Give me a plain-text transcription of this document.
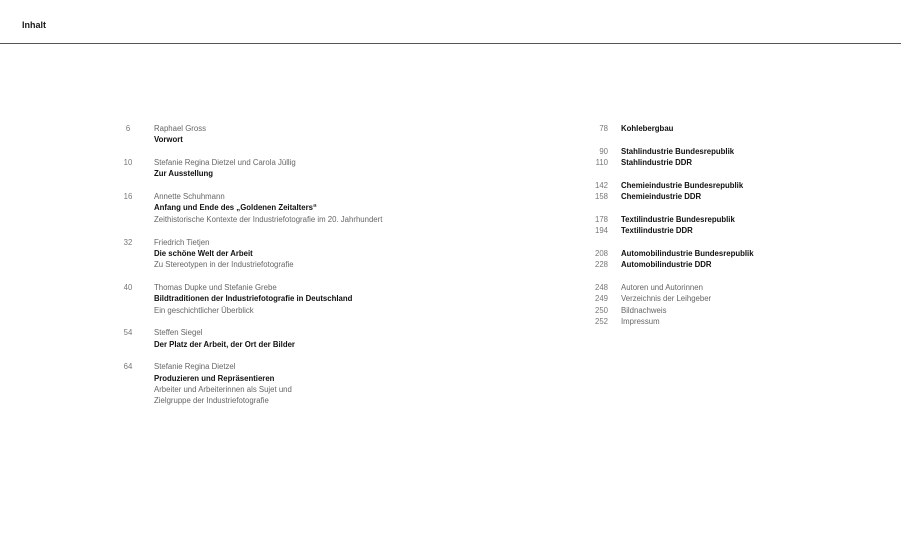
Inhalt
6	Raphael Gross
Vorwort
10	Stefanie Regina Dietzel und Carola Jüllig
Zur Ausstellung
16	Annette Schuhmann
Anfang und Ende des „Goldenen Zeitalters“
Zeithistorische Kontexte der Industriefotografie im 20. Jahrhundert
32	Friedrich Tietjen
Die schöne Welt der Arbeit
Zu Stereotypen in der Industriefotografie
40	Thomas Dupke und Stefanie Grebe
Bildtraditionen der Industriefotografie in Deutschland
Ein geschichtlicher Überblick
54	Steffen Siegel
Der Platz der Arbeit, der Ort der Bilder
64	Stefanie Regina Dietzel
Produzieren und Repräsentieren
Arbeiter und Arbeiterinnen als Sujet und
Zielgruppe der Industriefotografie
78 Kohlebergbau
90 Stahlindustrie Bundesrepublik
110 Stahlindustrie DDR
142 Chemieindustrie Bundesrepublik
158 Chemieindustrie DDR
178 Textilindustrie Bundesrepublik
194 Textilindustrie DDR
208 Automobilindustrie Bundesrepublik
228 Automobilindustrie DDR
248 Autoren und Autorinnen
249 Verzeichnis der Leihgeber
250 Bildnachweis
252 Impressum
